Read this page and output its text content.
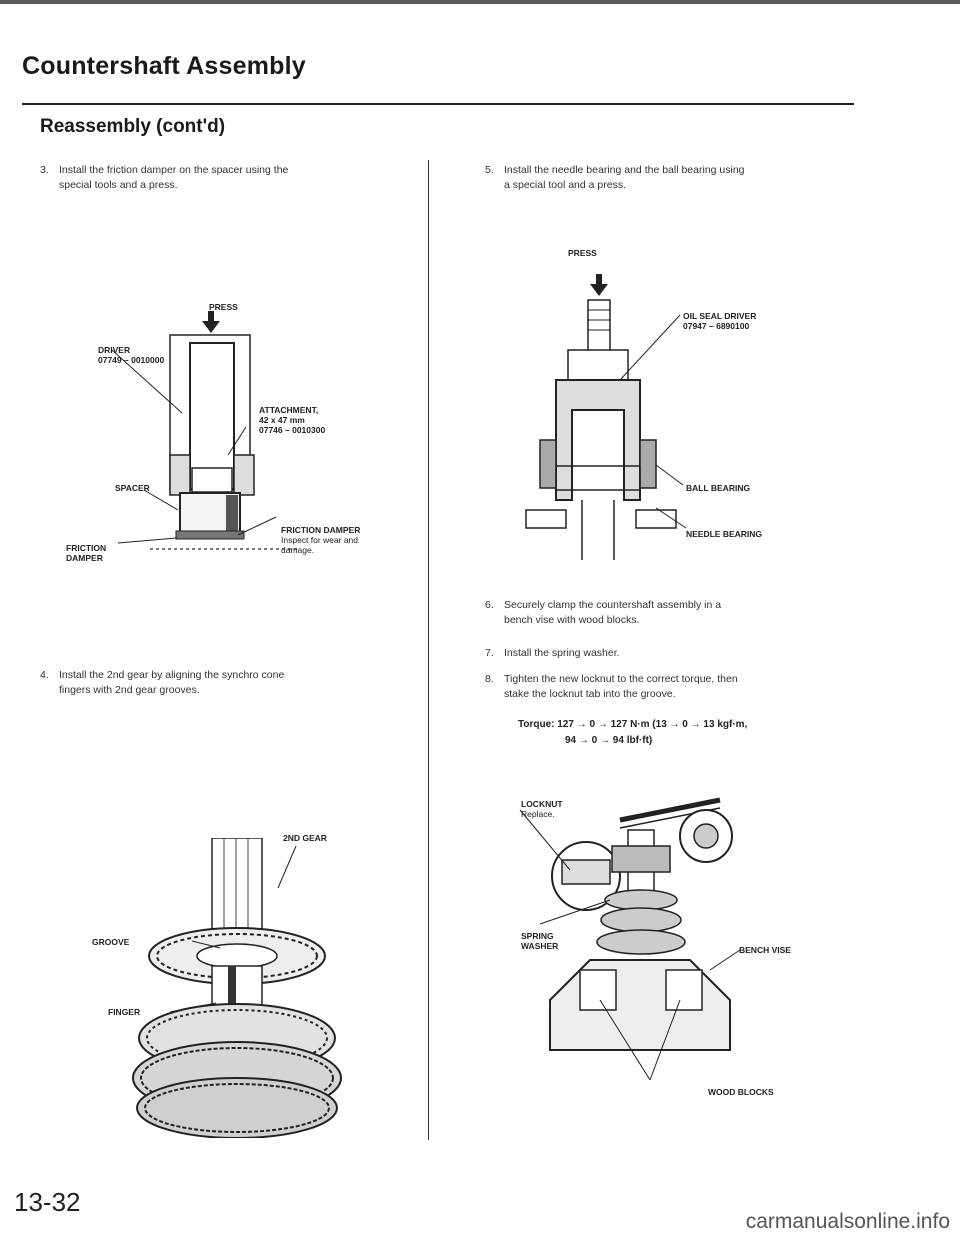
Countershaft Assembly
Reassembly (cont'd)
3. Install the friction damper on the spacer using the
special tools and a press.
PRESS
DRIVER
07749 – 0010000
ATTACHMENT,
42 x 47 mm
07746 – 0010300
SPACER
FRICTION DAMPER
Inspect for wear and
damage.
FRICTION
DAMPER
4. Install the 2nd gear by aligning the synchro cone
fingers with 2nd gear grooves.
2ND GEAR
GROOVE
FINGER
5. Install the needle bearing and the ball bearing using
a special tool and a press.
PRESS
OIL SEAL DRIVER
07947 – 6890100
BALL BEARING
NEEDLE BEARING
6. Securely clamp the countershaft assembly in a
bench vise with wood blocks.
7. Install the spring washer.
8. Tighten the new locknut to the correct torque, then
stake the locknut tab into the groove.
Torque: 127 → 0 → 127 N·m (13 → 0 → 13 kgf·m,
94 → 0 → 94 lbf·ft)
LOCKNUT
Replace.
SPRING
WASHER	BENCH VISE
WOOD BLOCKS
13-32
carmanualsonline.info
